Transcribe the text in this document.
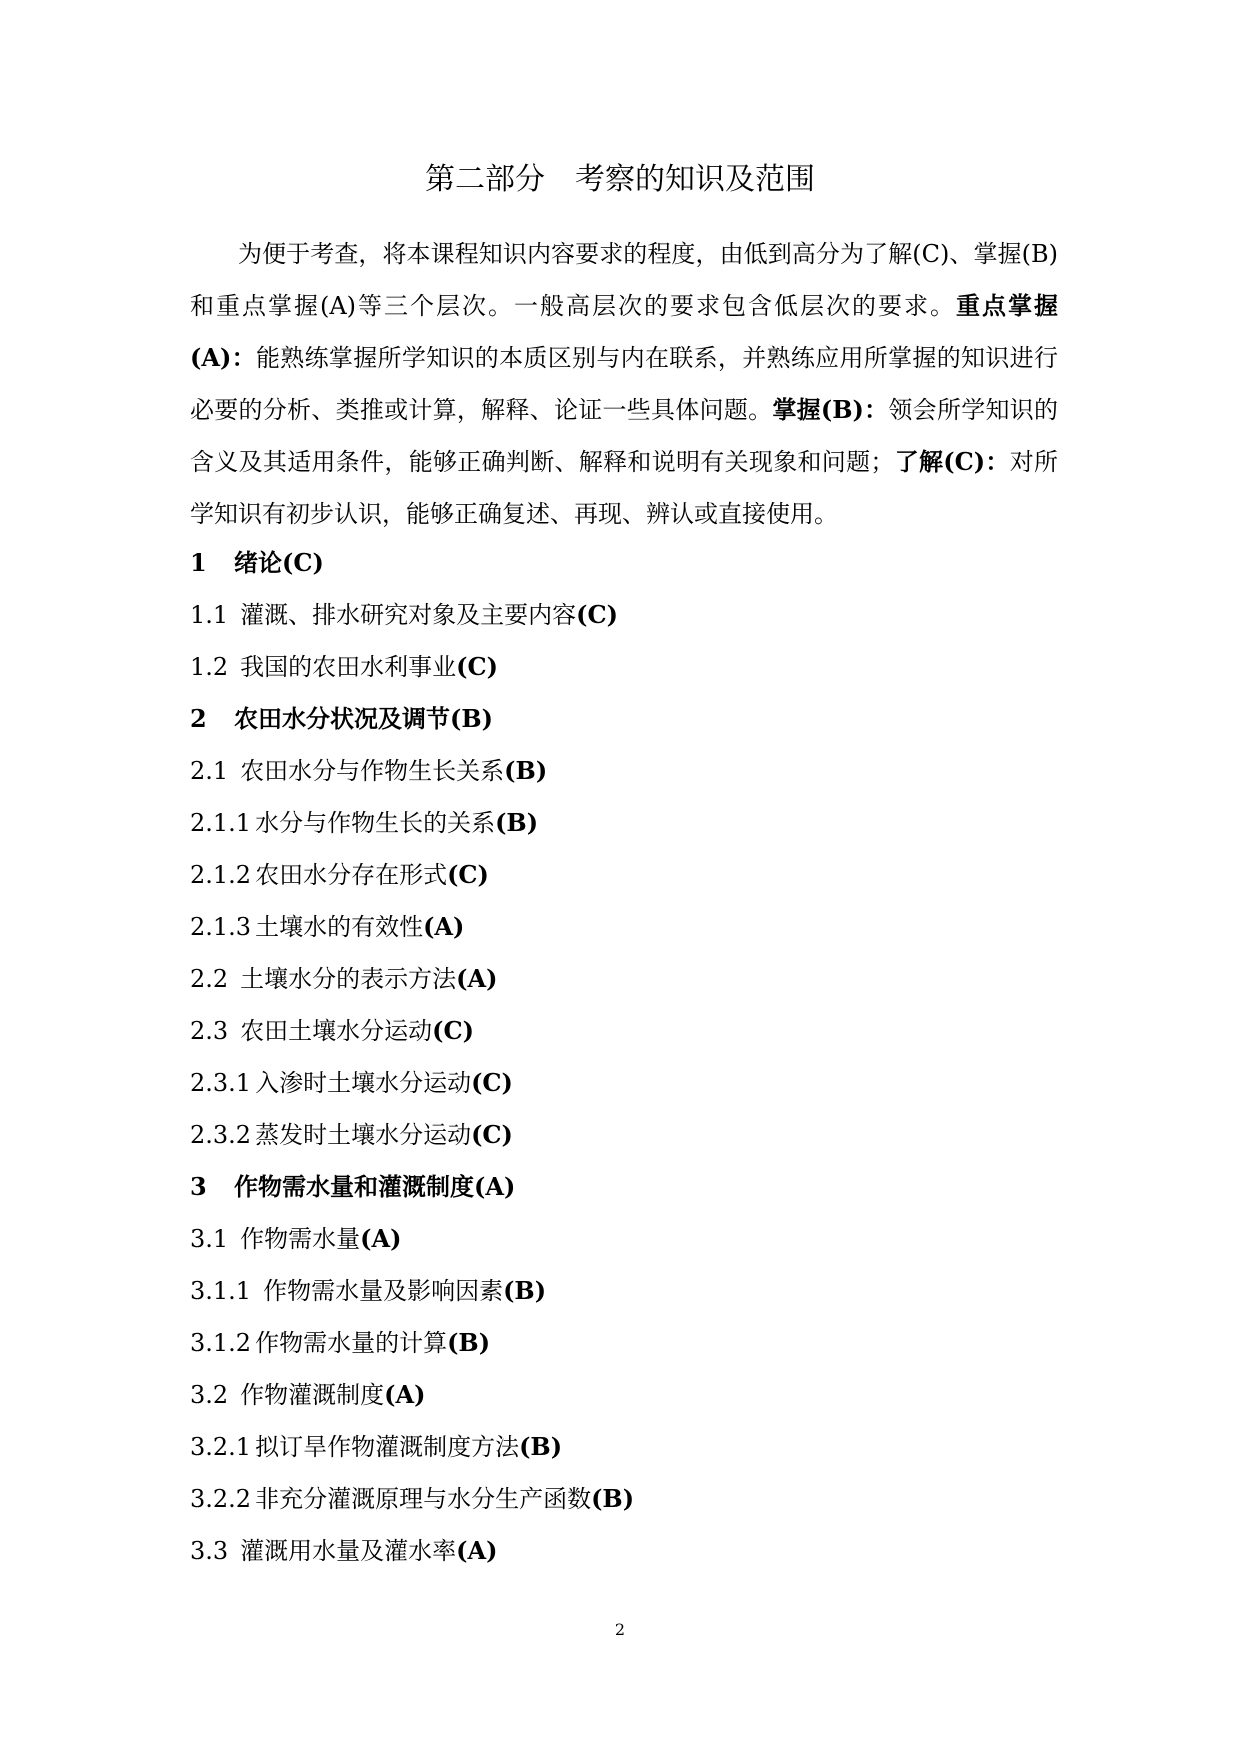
第二部分　考察的知识及范围
为便于考查，将本课程知识内容要求的程度，由低到高分为了解(C)、掌握(B)和重点掌握(A)等三个层次。一般高层次的要求包含低层次的要求。重点掌握(A)：能熟练掌握所学知识的本质区别与内在联系，并熟练应用所掌握的知识进行必要的分析、类推或计算，解释、论证一些具体问题。掌握(B)：领会所学知识的含义及其适用条件，能够正确判断、解释和说明有关现象和问题；了解(C)：对所学知识有初步认识，能够正确复述、再现、辨认或直接使用。
1 绪论(C)
1.1 灌溉、排水研究对象及主要内容(C)
1.2 我国的农田水利事业(C)
2 农田水分状况及调节(B)
2.1 农田水分与作物生长关系(B)
2.1.1 水分与作物生长的关系(B)
2.1.2 农田水分存在形式(C)
2.1.3 土壤水的有效性(A)
2.2 土壤水分的表示方法(A)
2.3 农田土壤水分运动(C)
2.3.1 入渗时土壤水分运动(C)
2.3.2 蒸发时土壤水分运动(C)
3 作物需水量和灌溉制度(A)
3.1 作物需水量(A)
3.1.1 作物需水量及影响因素(B)
3.1.2 作物需水量的计算(B)
3.2 作物灌溉制度(A)
3.2.1 拟订旱作物灌溉制度方法(B)
3.2.2 非充分灌溉原理与水分生产函数(B)
3.3 灌溉用水量及灌水率(A)
2
